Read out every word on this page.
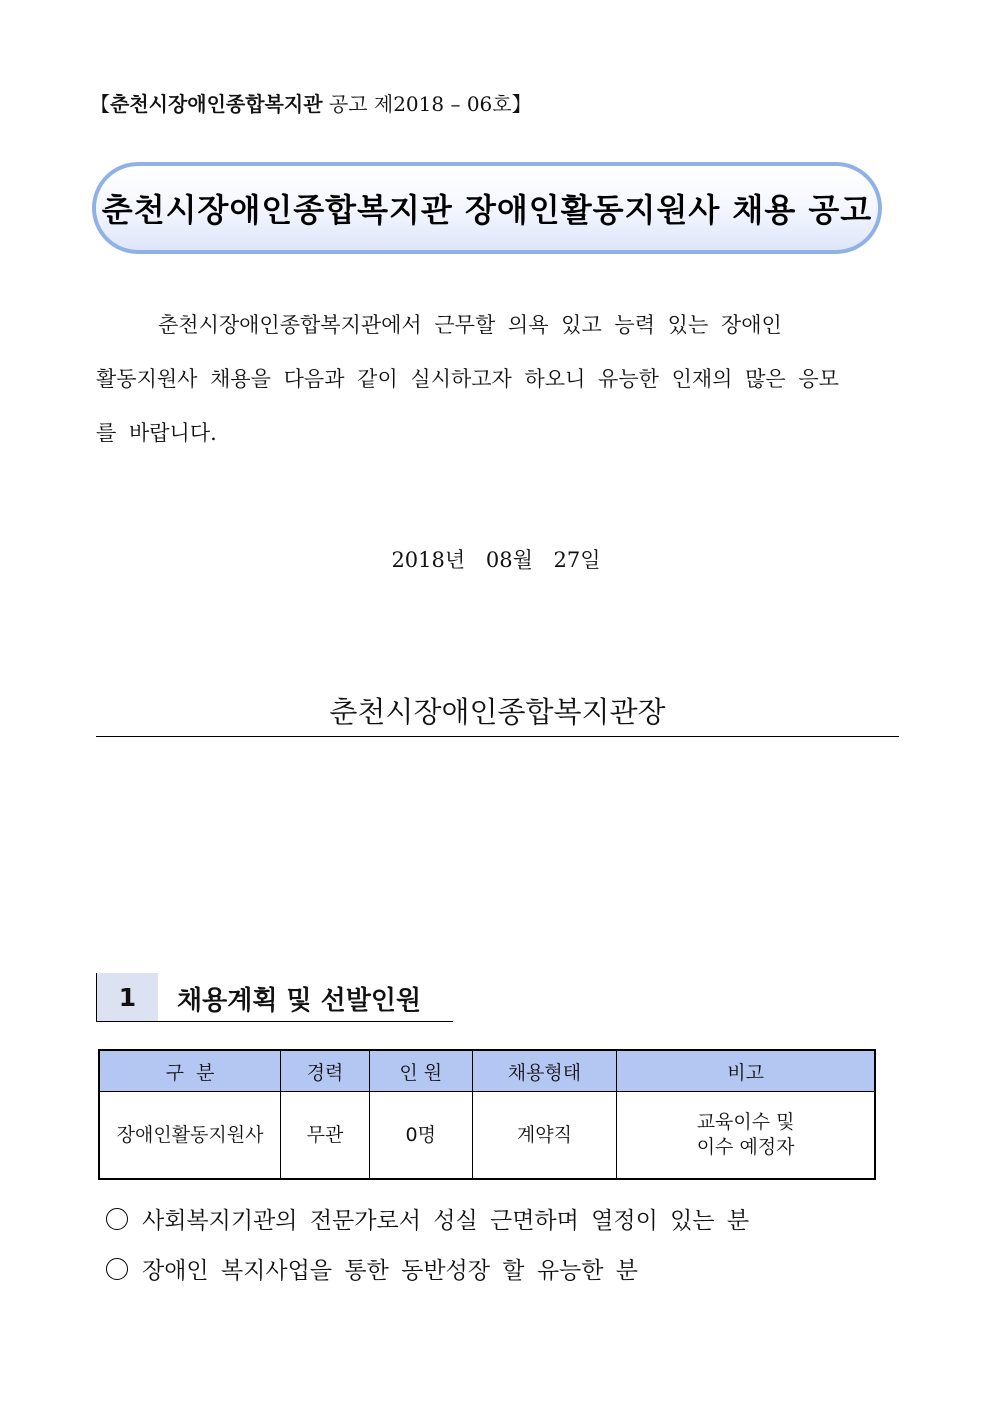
【춘천시장애인종합복지관 공고 제2018 – 06호】
춘천시장애인종합복지관 장애인활동지원사 채용 공고
춘천시장애인종합복지관에서 근무할 의욕 있고 능력 있는 장애인
활동지원사 채용을 다음과 같이 실시하고자 하오니 유능한 인재의 많은 응모
를 바랍니다.
2018년 08월 27일
춘천시장애인종합복지관장
1	채용계획 및 선발인원
구  분	경력	인 원	채용형태	비고
장애인활동지원사	무관	0명	계약직	교육이수 및
이수 예정자
사회복지기관의 전문가로서 성실 근면하며 열정이 있는 분
장애인 복지사업을 통한 동반성장 할 유능한 분
